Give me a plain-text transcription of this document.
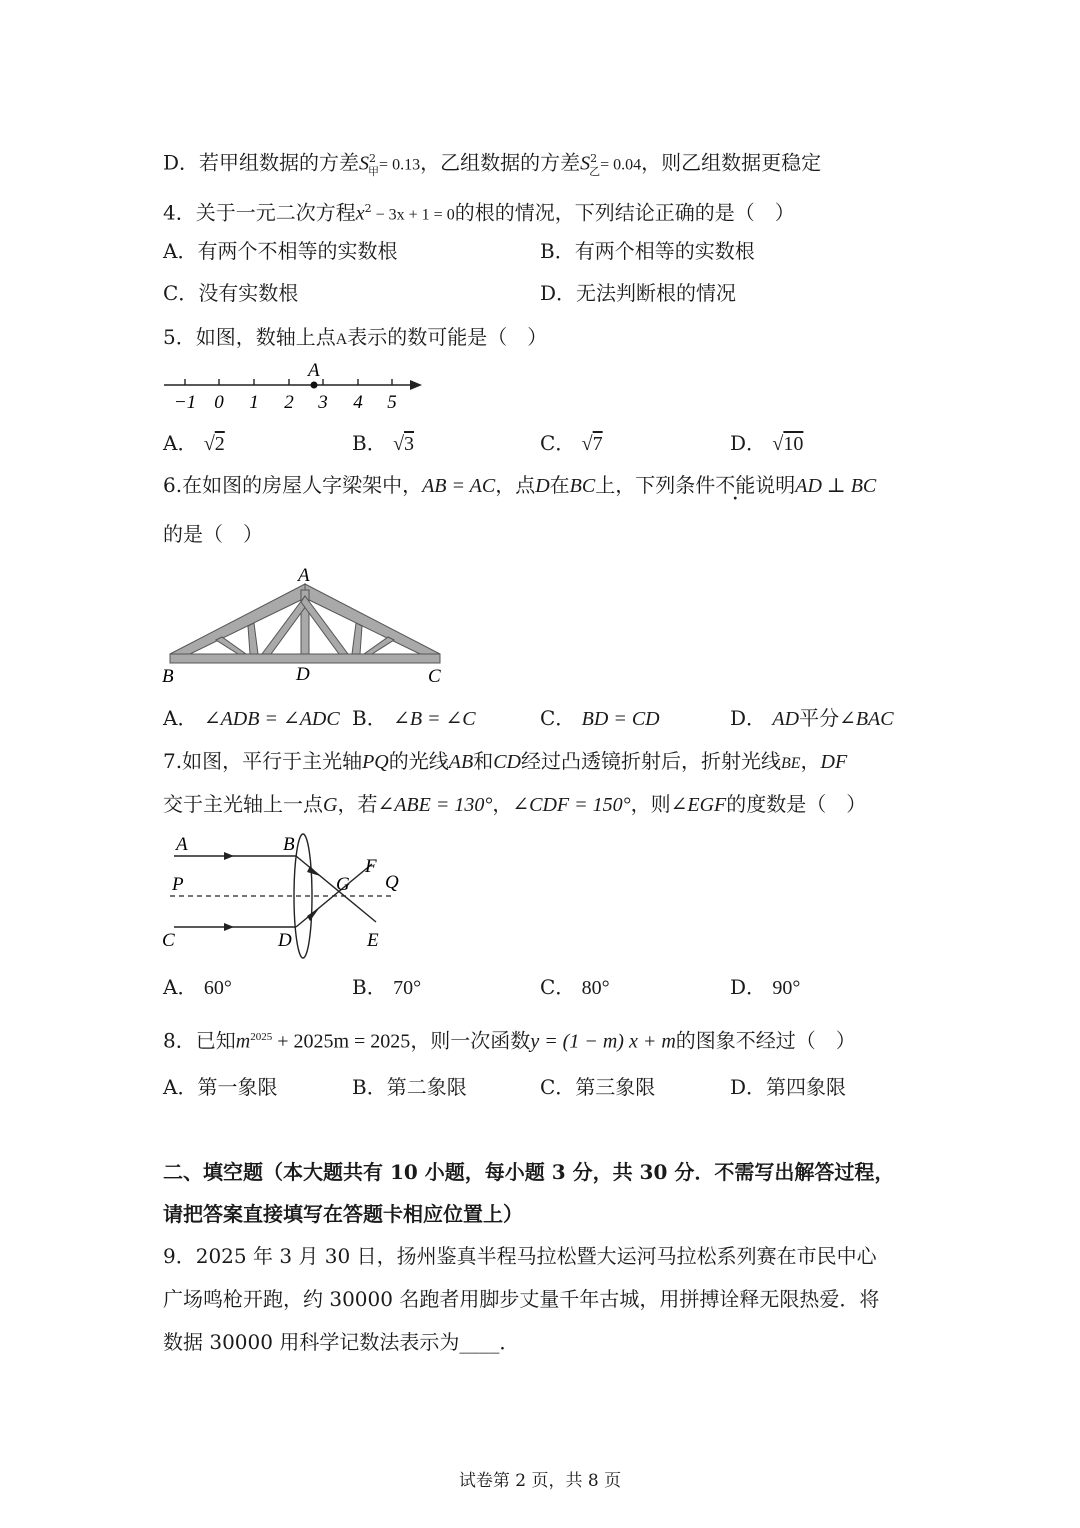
D．若甲组数据的方差$S^2_甲= 0.13$，乙组数据的方差$S^2_乙= 0.04$，则乙组数据更稳定
4．关于一元二次方程$x^2 - 3x + 1 = 0$的根的情况，下列结论正确的是（　）
A．有两个不相等的实数根	B．有两个相等的实数根
C．没有实数根	D．无法判断根的情况
5．如图，数轴上点A表示的数可能是（　）
A
−1 0 1 2 3 4 5
A． √2	B． √3	C． √7	D． √10
6.在如图的房屋人字梁架中，AB = AC，点D在BC上，下列条件不能说明AD ⊥ BC
的是（　）
A
B	D	C
A． ∠ADB = ∠ADC B． ∠B = ∠C	C． BD = CD	D． AD平分∠BAC
7.如图，平行于主光轴PQ的光线AB和CD经过凸透镜折射后，折射光线BE，DF
交于主光轴上一点G，若∠ABE = 130°，∠CDF = 150°，则∠EGF的度数是（　）
A	B
P	G
F
Q
C	D	E
A． 60°	B． 70°	C． 80°	D． 90°
8．已知$m^{2025} + 2025m = 2025$，则一次函数y = (1 − m) x + m的图象不经过（　）
A．第一象限	B．第二象限	C．第三象限	D．第四象限
二、填空题（本大题共有 10 小题，每小题 3 分，共 30 分．不需写出解答过程，
请把答案直接填写在答题卡相应位置上）
9．2025 年 3 月 30 日，扬州鉴真半程马拉松暨大运河马拉松系列赛在市民中心
广场鸣枪开跑，约 30000 名跑者用脚步丈量千年古城，用拼搏诠释无限热爱．将
数据 30000 用科学记数法表示为____．
试卷第 2 页，共 8 页
